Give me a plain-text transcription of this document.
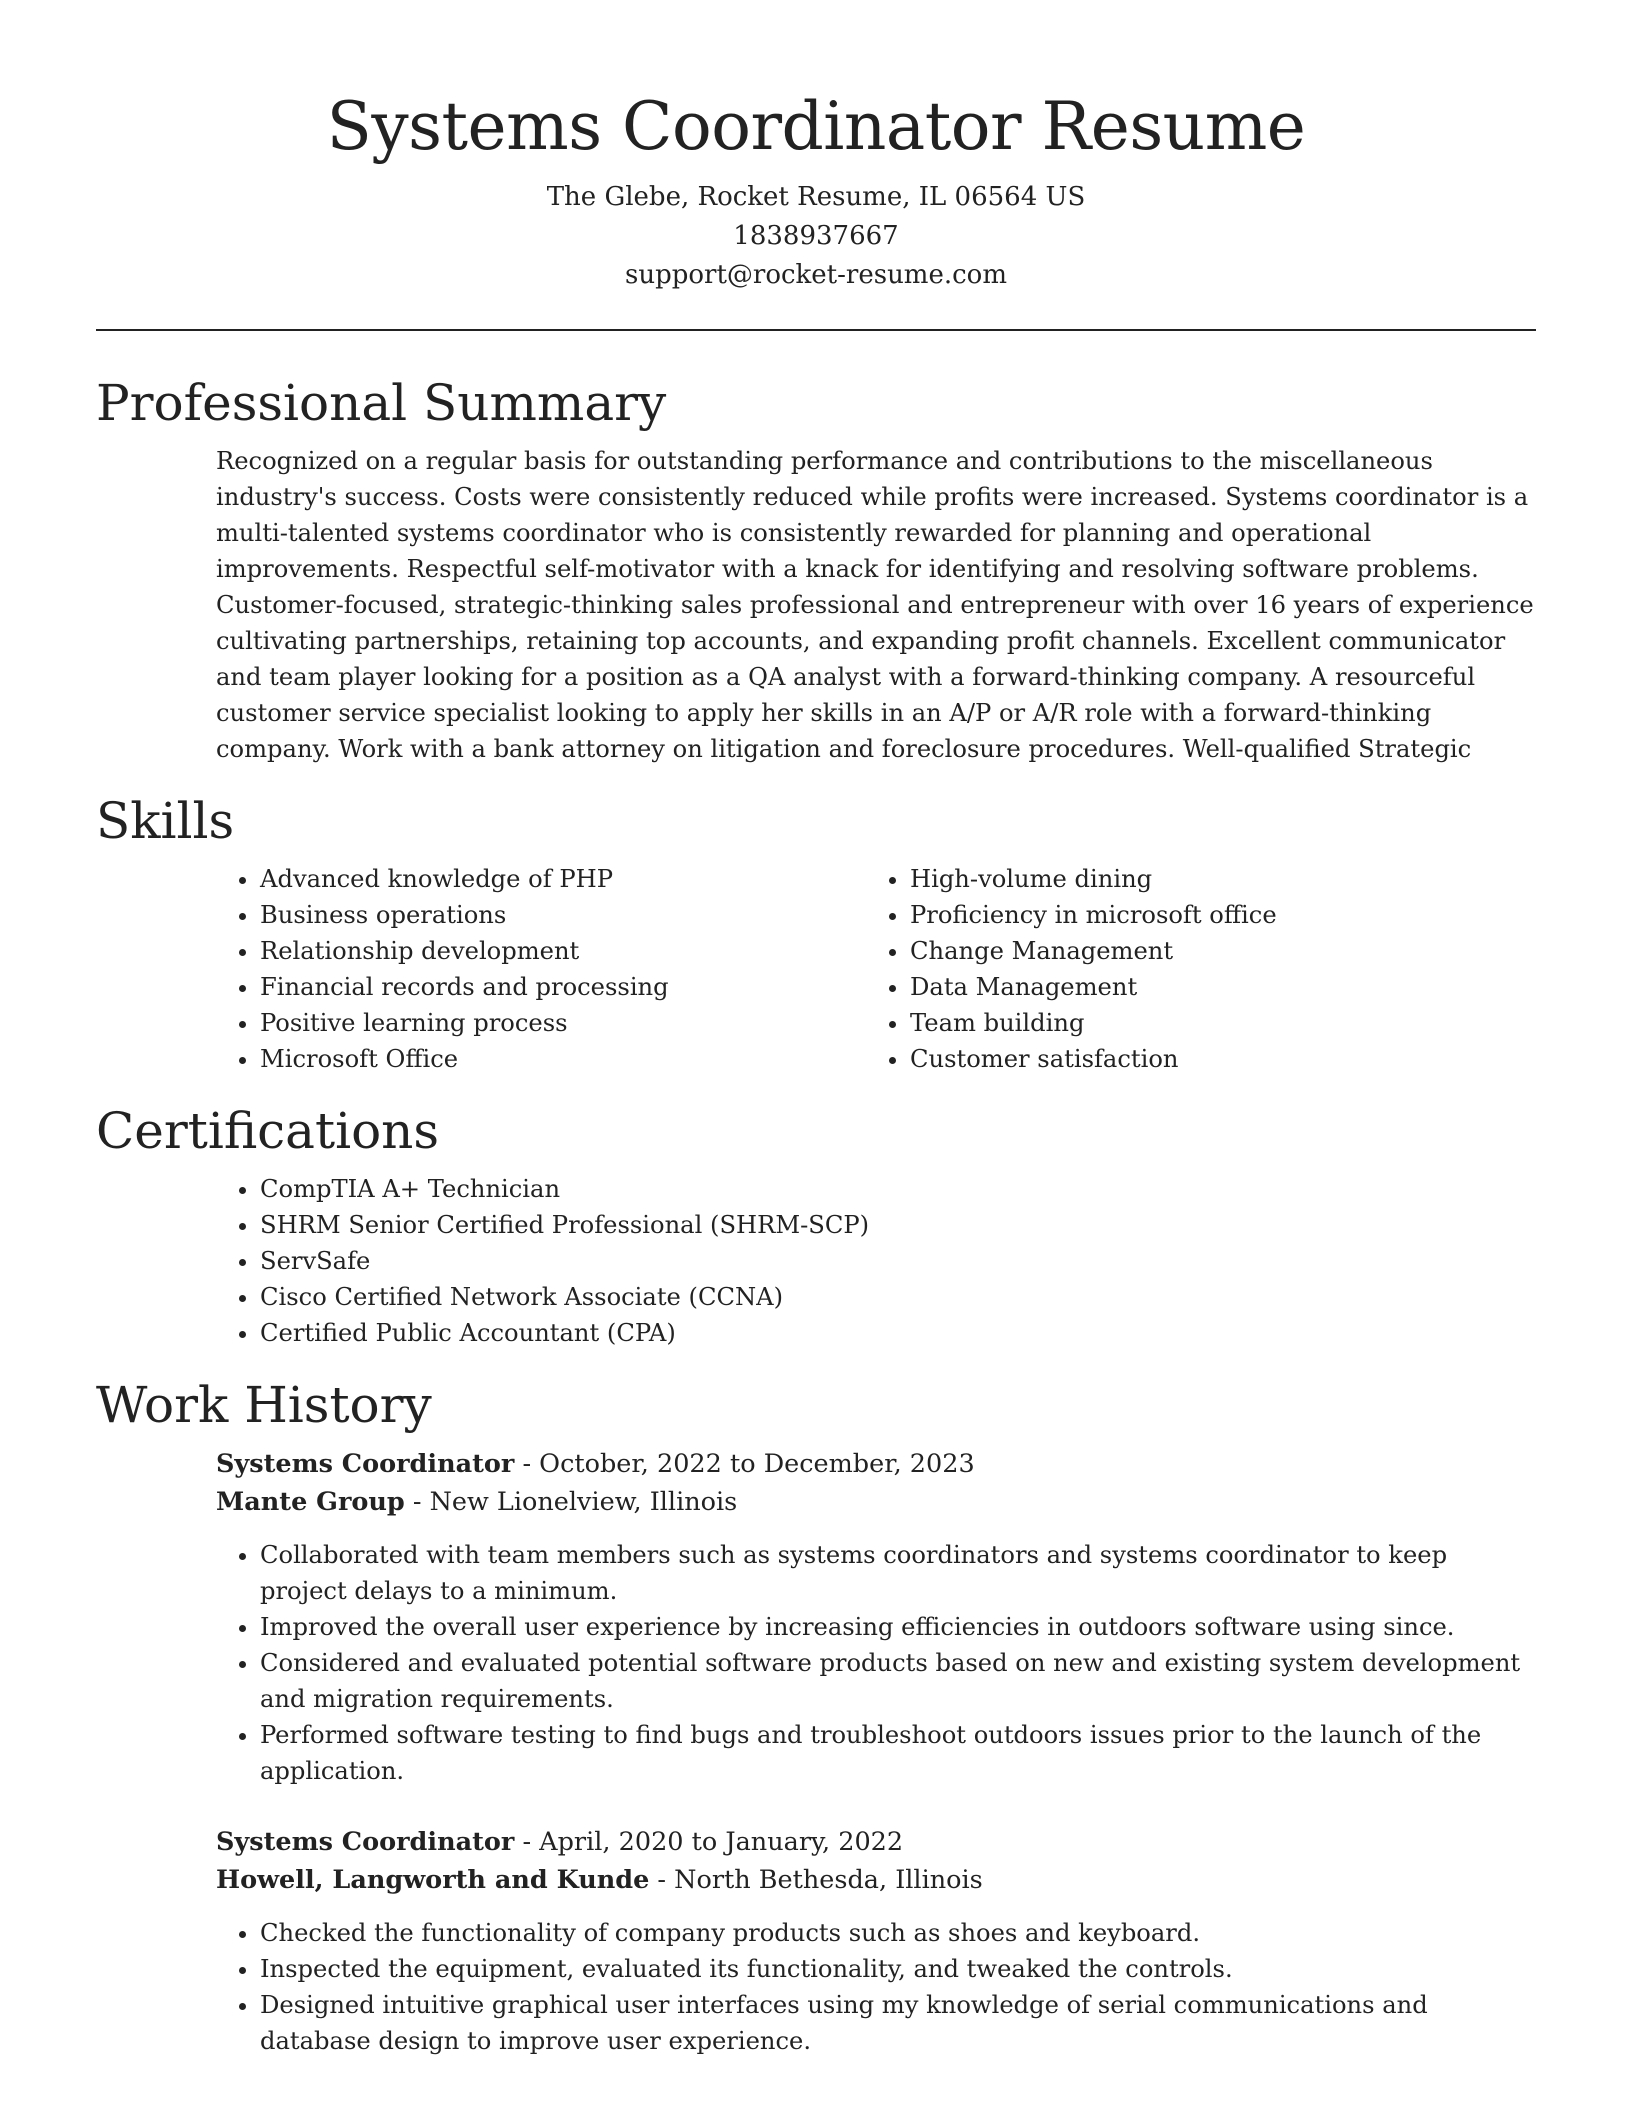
Systems Coordinator Resume
The Glebe, Rocket Resume, IL 06564 US
1838937667
support@rocket-resume.com
Professional Summary
Recognized on a regular basis for outstanding performance and contributions to the miscellaneous industry's success. Costs were consistently reduced while profits were increased. Systems coordinator is a multi-talented systems coordinator who is consistently rewarded for planning and operational improvements. Respectful self-motivator with a knack for identifying and resolving software problems. Customer-focused, strategic-thinking sales professional and entrepreneur with over 16 years of experience cultivating partnerships, retaining top accounts, and expanding profit channels. Excellent communicator and team player looking for a position as a QA analyst with a forward-thinking company. A resourceful customer service specialist looking to apply her skills in an A/P or A/R role with a forward-thinking company. Work with a bank attorney on litigation and foreclosure procedures. Well-qualified Strategic
Skills
• Advanced knowledge of PHP
• Business operations
• Relationship development
• Financial records and processing
• Positive learning process
• Microsoft Office
• High-volume dining
• Proficiency in microsoft office
• Change Management
• Data Management
• Team building
• Customer satisfaction
Certifications
• CompTIA A+ Technician
• SHRM Senior Certified Professional (SHRM-SCP)
• ServSafe
• Cisco Certified Network Associate (CCNA)
• Certified Public Accountant (CPA)
Work History
Systems Coordinator - October, 2022 to December, 2023
Mante Group - New Lionelview, Illinois
• Collaborated with team members such as systems coordinators and systems coordinator to keep project delays to a minimum.
• Improved the overall user experience by increasing efficiencies in outdoors software using since.
• Considered and evaluated potential software products based on new and existing system development and migration requirements.
• Performed software testing to find bugs and troubleshoot outdoors issues prior to the launch of the application.
Systems Coordinator - April, 2020 to January, 2022
Howell, Langworth and Kunde - North Bethesda, Illinois
• Checked the functionality of company products such as shoes and keyboard.
• Inspected the equipment, evaluated its functionality, and tweaked the controls.
• Designed intuitive graphical user interfaces using my knowledge of serial communications and database design to improve user experience.
